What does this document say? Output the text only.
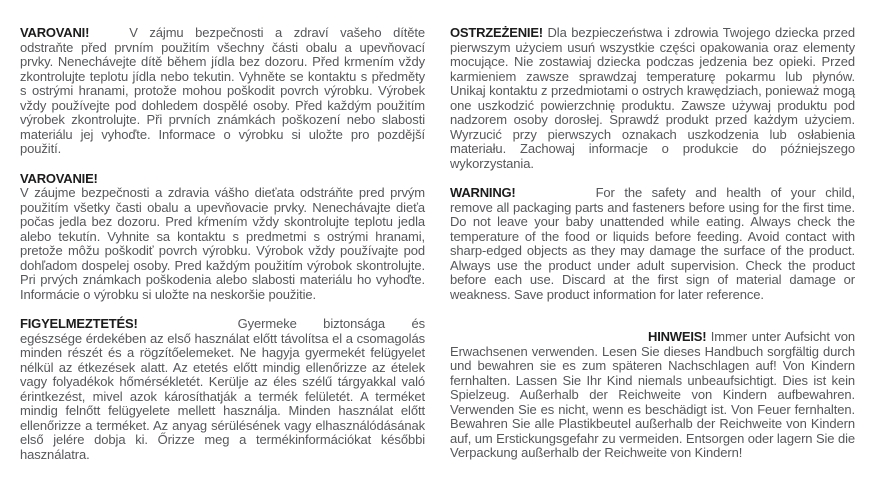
VAROVANI!	V zájmu bezpečnosti a zdraví vašeho dítěte odstraňte před prvním použitím všechny části obalu a upevňovací prvky. Nenechávejte dítě během jídla bez dozoru. Před krmením vždy zkontrolujte teplotu jídla nebo tekutin. Vyhněte se kontaktu s předměty s ostrými hranami, protože mohou poškodit povrch výrobku. Výrobek vždy používejte pod dohledem dospělé osoby. Před každým použitím výrobek zkontrolujte. Při prvních známkách poškození nebo slabosti materiálu jej vyhoďte. Informace o výrobku si uložte pro pozdější použití.

VAROVANIE!
V záujme bezpečnosti a zdravia vášho dieťata odstráňte pred prvým použitím všetky časti obalu a upevňovacie prvky. Nenechávajte dieťa počas jedla bez dozoru. Pred kŕmením vždy skontrolujte teplotu jedla alebo tekutín. Vyhnite sa kontaktu s predmetmi s ostrými hranami, pretože môžu poškodiť povrch výrobku. Výrobok vždy používajte pod dohľadom dospelej osoby. Pred každým použitím výrobok skontrolujte. Pri prvých známkach poškodenia alebo slabosti materiálu ho vyhoďte. Informácie o výrobku si uložte na neskoršie použitie.

FIGYELMEZTETÉS!	Gyermeke biztonsága és egészsége érdekében az első használat előtt távolítsa el a csomagolás minden részét és a rögzítőelemeket. Ne hagyja gyermekét felügyelet nélkül az étkezések alatt. Az etetés előtt mindig ellenőrizze az ételek vagy folyadékok hőmérsékletét. Kerülje az éles szélű tárgyakkal való érintkezést, mivel azok károsíthatják a termék felületét. A terméket mindig felnőtt felügyelete mellett használja. Minden használat előtt ellenőrizze a terméket. Az anyag sérülésének vagy elhasználódásának első jelére dobja ki. Őrizze meg a termékinformációkat későbbi használatra.

OSTRZEŻENIE! Dla bezpieczeństwa i zdrowia Twojego dziecka przed pierwszym użyciem usuń wszystkie części opakowania oraz elementy mocujące. Nie zostawiaj dziecka podczas jedzenia bez opieki. Przed karmieniem zawsze sprawdzaj temperaturę pokarmu lub płynów. Unikaj kontaktu z przedmiotami o ostrych krawędziach, ponieważ mogą one uszkodzić powierzchnię produktu. Zawsze używaj produktu pod nadzorem osoby dorosłej. Sprawdź produkt przed każdym użyciem. Wyrzucić przy pierwszych oznakach uszkodzenia lub osłabienia materiału. Zachowaj informacje o produkcie do późniejszego wykorzystania.

WARNING!	For the safety and health of your child, remove all packaging parts and fasteners before using for the first time. Do not leave your baby unattended while eating. Always check the temperature of the food or liquids before feeding. Avoid contact with sharp-edged objects as they may damage the surface of the product. Always use the product under adult supervision. Check the product before each use. Discard at the first sign of material damage or weakness. Save product information for later reference.

HINWEIS! Immer unter Aufsicht von Erwachsenen verwenden. Lesen Sie dieses Handbuch sorgfältig durch und bewahren sie es zum späteren Nachschlagen auf! Von Kindern fernhalten. Lassen Sie Ihr Kind niemals unbeaufsichtigt. Dies ist kein Spielzeug. Außerhalb der Reichweite von Kindern aufbewahren. Verwenden Sie es nicht, wenn es beschädigt ist. Von Feuer fernhalten. Bewahren Sie alle Plastikbeutel außerhalb der Reichweite von Kindern auf, um Erstickungsgefahr zu vermeiden. Entsorgen oder lagern Sie die Verpackung außerhalb der Reichweite von Kindern!
